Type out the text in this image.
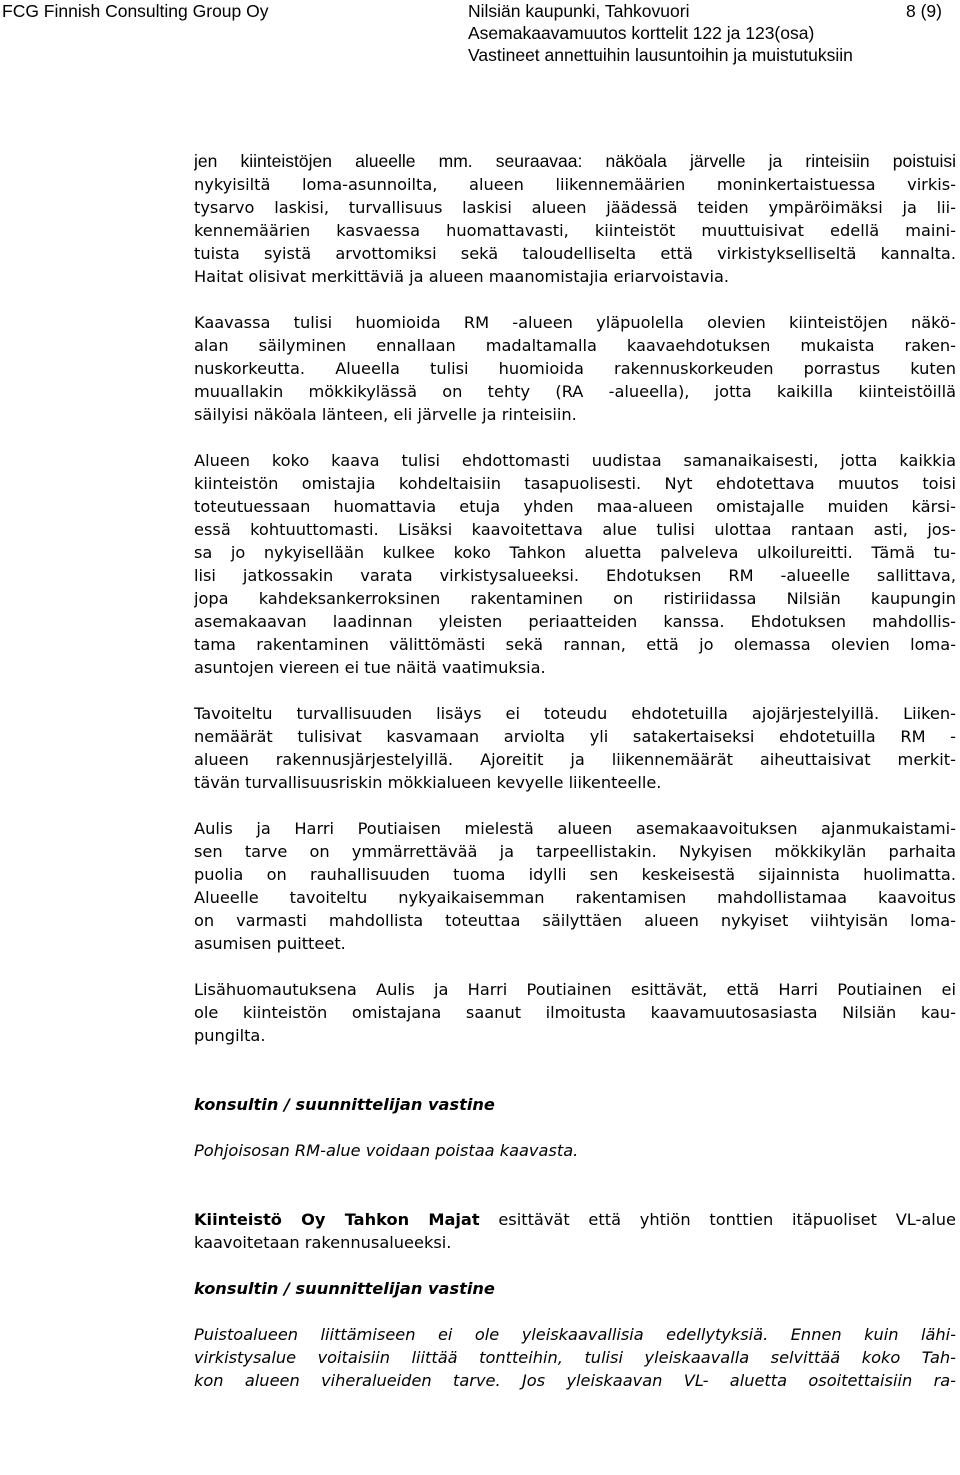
FCG Finnish Consulting Group Oy	Nilsiän kaupunki, Tahkovuori
Asemakaavamuutos korttelit 122 ja 123(osa)
Vastineet annettuihin lausuntoihin ja muistutuksiin
8 (9)
jen kiinteistöjen alueelle mm. seuraavaa: näköala järvelle ja rinteisiin poistuisi
nykyisiltä loma-asunnoilta, alueen liikennemäärien moninkertaistuessa virkis-
tysarvo laskisi, turvallisuus laskisi alueen jäädessä teiden ympäröimäksi ja lii-
kennemäärien kasvaessa huomattavasti, kiinteistöt muuttuisivat edellä maini-
tuista syistä arvottomiksi sekä taloudelliselta että virkistykselliseltä kannalta.
Haitat olisivat merkittäviä ja alueen maanomistajia eriarvoistavia.
Kaavassa tulisi huomioida RM -alueen yläpuolella olevien kiinteistöjen näkö-
alan säilyminen ennallaan madaltamalla kaavaehdotuksen mukaista raken-
nuskorkeutta. Alueella tulisi huomioida rakennuskorkeuden porrastus kuten
muuallakin mökkikylässä on tehty (RA -alueella), jotta kaikilla kiinteistöillä
säilyisi näköala länteen, eli järvelle ja rinteisiin.
Alueen koko kaava tulisi ehdottomasti uudistaa samanaikaisesti, jotta kaikkia
kiinteistön omistajia kohdeltaisiin tasapuolisesti. Nyt ehdotettava muutos toisi
toteutuessaan huomattavia etuja yhden maa-alueen omistajalle muiden kärsi-
essä kohtuuttomasti. Lisäksi kaavoitettava alue tulisi ulottaa rantaan asti, jos-
sa jo nykyisellään kulkee koko Tahkon aluetta palveleva ulkoilureitti. Tämä tu-
lisi jatkossakin varata virkistysalueeksi. Ehdotuksen RM -alueelle sallittava,
jopa kahdeksankerroksinen rakentaminen on ristiriidassa Nilsiän kaupungin
asemakaavan laadinnan yleisten periaatteiden kanssa. Ehdotuksen mahdollis-
tama rakentaminen välittömästi sekä rannan, että jo olemassa olevien loma-
asuntojen viereen ei tue näitä vaatimuksia.
Tavoiteltu turvallisuuden lisäys ei toteudu ehdotetuilla ajojärjestelyillä. Liiken-
nemäärät tulisivat kasvamaan arviolta yli satakertaiseksi ehdotetuilla RM -
alueen rakennusjärjestelyillä. Ajoreitit ja liikennemäärät aiheuttaisivat merkit-
tävän turvallisuusriskin mökkialueen kevyelle liikenteelle.
Aulis ja Harri Poutiaisen mielestä alueen asemakaavoituksen ajanmukaistami-
sen tarve on ymmärrettävää ja tarpeellistakin. Nykyisen mökkikylän parhaita
puolia on rauhallisuuden tuoma idylli sen keskeisestä sijainnista huolimatta.
Alueelle tavoiteltu nykyaikaisemman rakentamisen mahdollistamaa kaavoitus
on varmasti mahdollista toteuttaa säilyttäen alueen nykyiset viihtyisän loma-
asumisen puitteet.
Lisähuomautuksena Aulis ja Harri Poutiainen esittävät, että Harri Poutiainen ei
ole kiinteistön omistajana saanut ilmoitusta kaavamuutosasiasta Nilsiän kau-
pungilta.
konsultin / suunnittelijan vastine
Pohjoisosan RM-alue voidaan poistaa kaavasta.
Kiinteistö Oy Tahkon Majat esittävät että yhtiön tonttien itäpuoliset VL-alue
kaavoitetaan rakennusalueeksi.
konsultin / suunnittelijan vastine
Puistoalueen liittämiseen ei ole yleiskaavallisia edellytyksiä. Ennen kuin lähi-
virkistysalue voitaisiin liittää tontteihin, tulisi yleiskaavalla selvittää koko Tah-
kon alueen viheralueiden tarve. Jos yleiskaavan VL- aluetta osoitettaisiin ra-
